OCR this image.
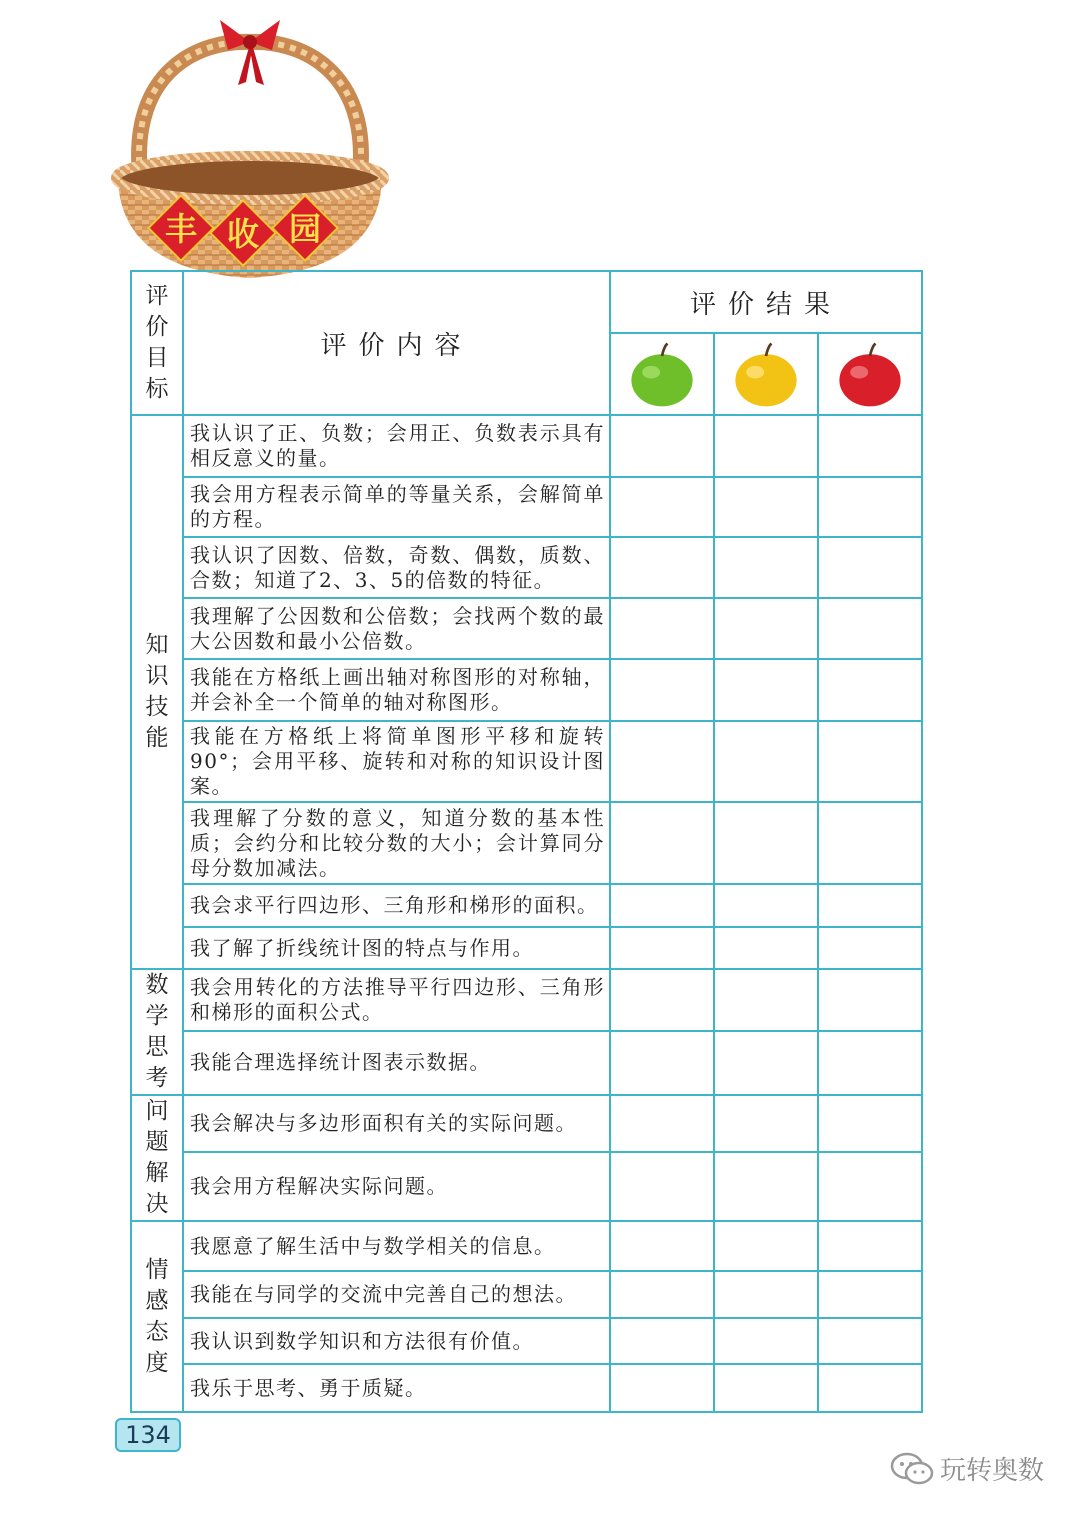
丰 收 园
评价目标	评价内容	评价结果		

知识技能	我认识了正、负数；会用正、负数表示具有相反意义的量。			
	我会用方程表示简单的等量关系，会解简单的方程。			
	我认识了因数、倍数，奇数、偶数，质数、合数；知道了2、3、5的倍数的特征。			
	我理解了公因数和公倍数；会找两个数的最大公因数和最小公倍数。			
	我能在方格纸上画出轴对称图形的对称轴，并会补全一个简单的轴对称图形。			
	我能在方格纸上将简单图形平移和旋转90°；会用平移、旋转和对称的知识设计图案。			
	我理解了分数的意义，知道分数的基本性质；会约分和比较分数的大小；会计算同分母分数加减法。			
	我会求平行四边形、三角形和梯形的面积。			
	我了解了折线统计图的特点与作用。			

数学思考	我会用转化的方法推导平行四边形、三角形和梯形的面积公式。			
	我能合理选择统计图表示数据。			

问题解决	我会解决与多边形面积有关的实际问题。			
	我会用方程解决实际问题。			

情感态度	我愿意了解生活中与数学相关的信息。			
	我能在与同学的交流中完善自己的想法。			
	我认识到数学知识和方法很有价值。			
	我乐于思考、勇于质疑。			
134
玩转奥数
